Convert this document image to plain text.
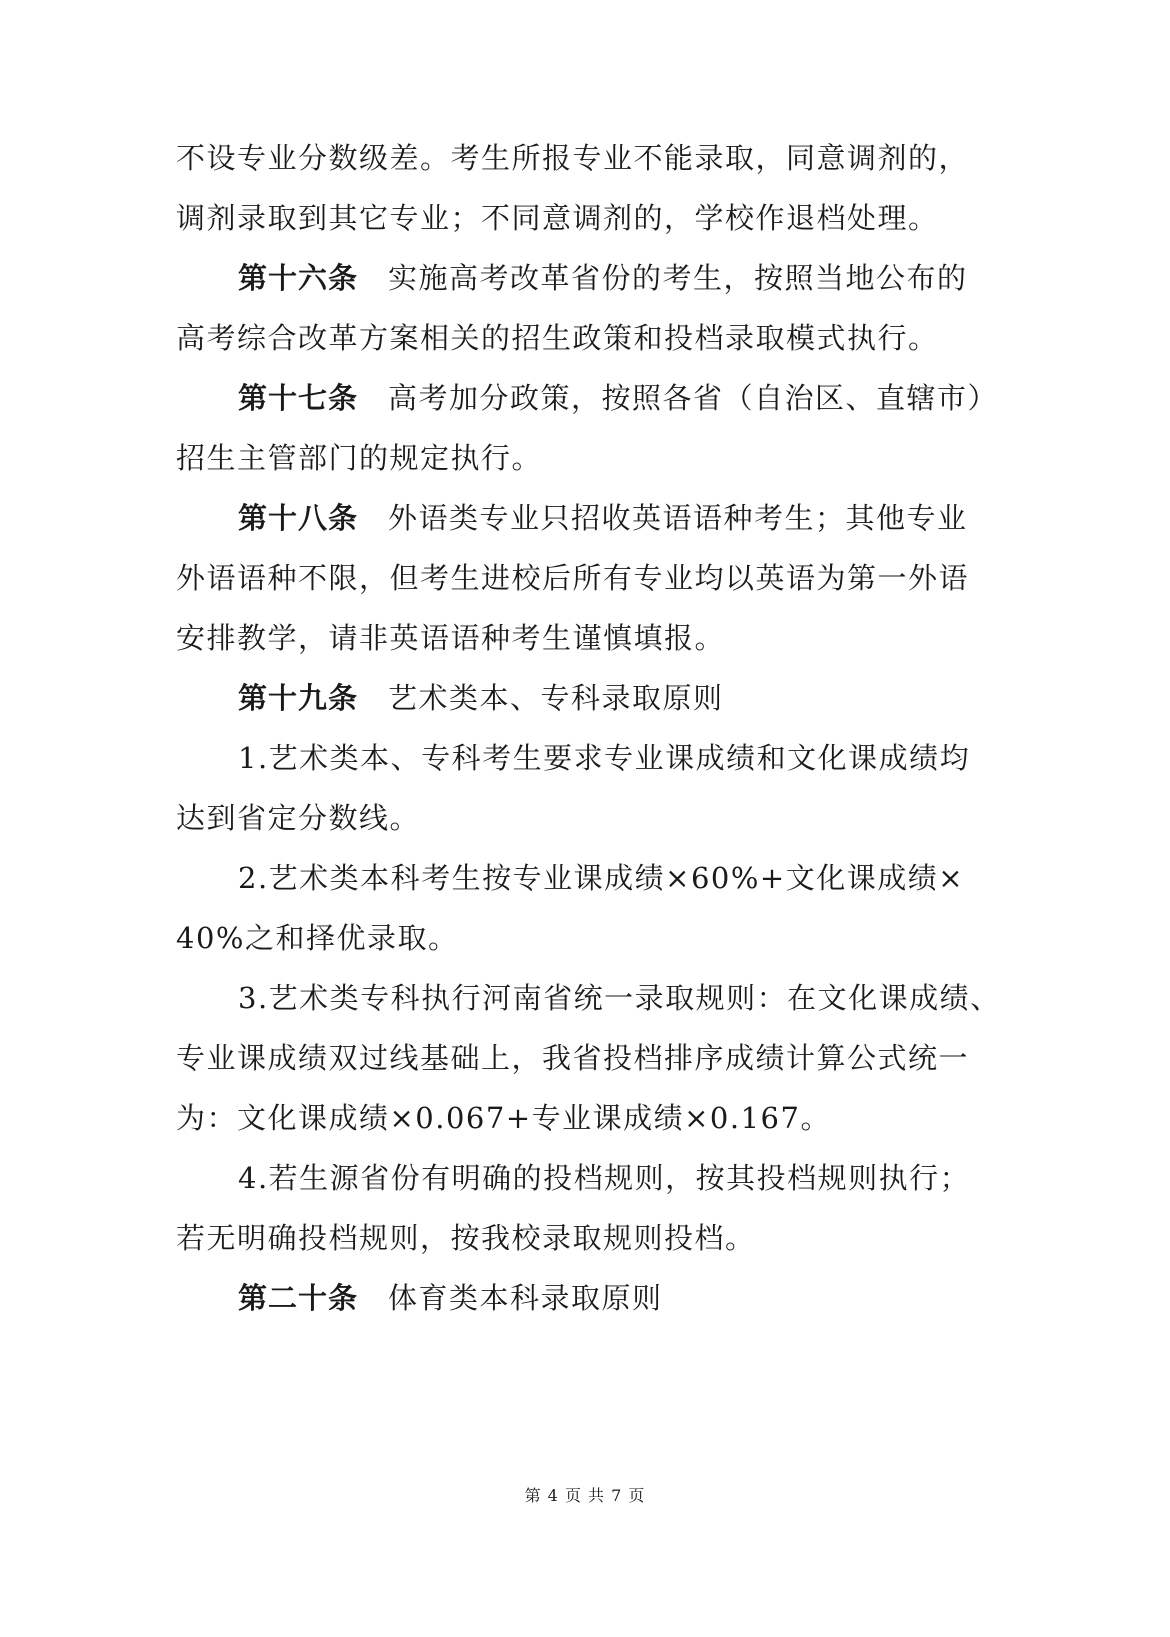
不设专业分数级差。考生所报专业不能录取，同意调剂的，
调剂录取到其它专业；不同意调剂的，学校作退档处理。
第十六条 实施高考改革省份的考生，按照当地公布的
高考综合改革方案相关的招生政策和投档录取模式执行。
第十七条 高考加分政策，按照各省（自治区、直辖市）
招生主管部门的规定执行。
第十八条 外语类专业只招收英语语种考生；其他专业
外语语种不限，但考生进校后所有专业均以英语为第一外语
安排教学，请非英语语种考生谨慎填报。
第十九条 艺术类本、专科录取原则
1.艺术类本、专科考生要求专业课成绩和文化课成绩均
达到省定分数线。
2.艺术类本科考生按专业课成绩×60%+文化课成绩×
40%之和择优录取。
3.艺术类专科执行河南省统一录取规则：在文化课成绩、
专业课成绩双过线基础上，我省投档排序成绩计算公式统一
为：文化课成绩×0.067+专业课成绩×0.167。
4.若生源省份有明确的投档规则，按其投档规则执行；
若无明确投档规则，按我校录取规则投档。
第二十条 体育类本科录取原则
第 4 页 共 7 页
